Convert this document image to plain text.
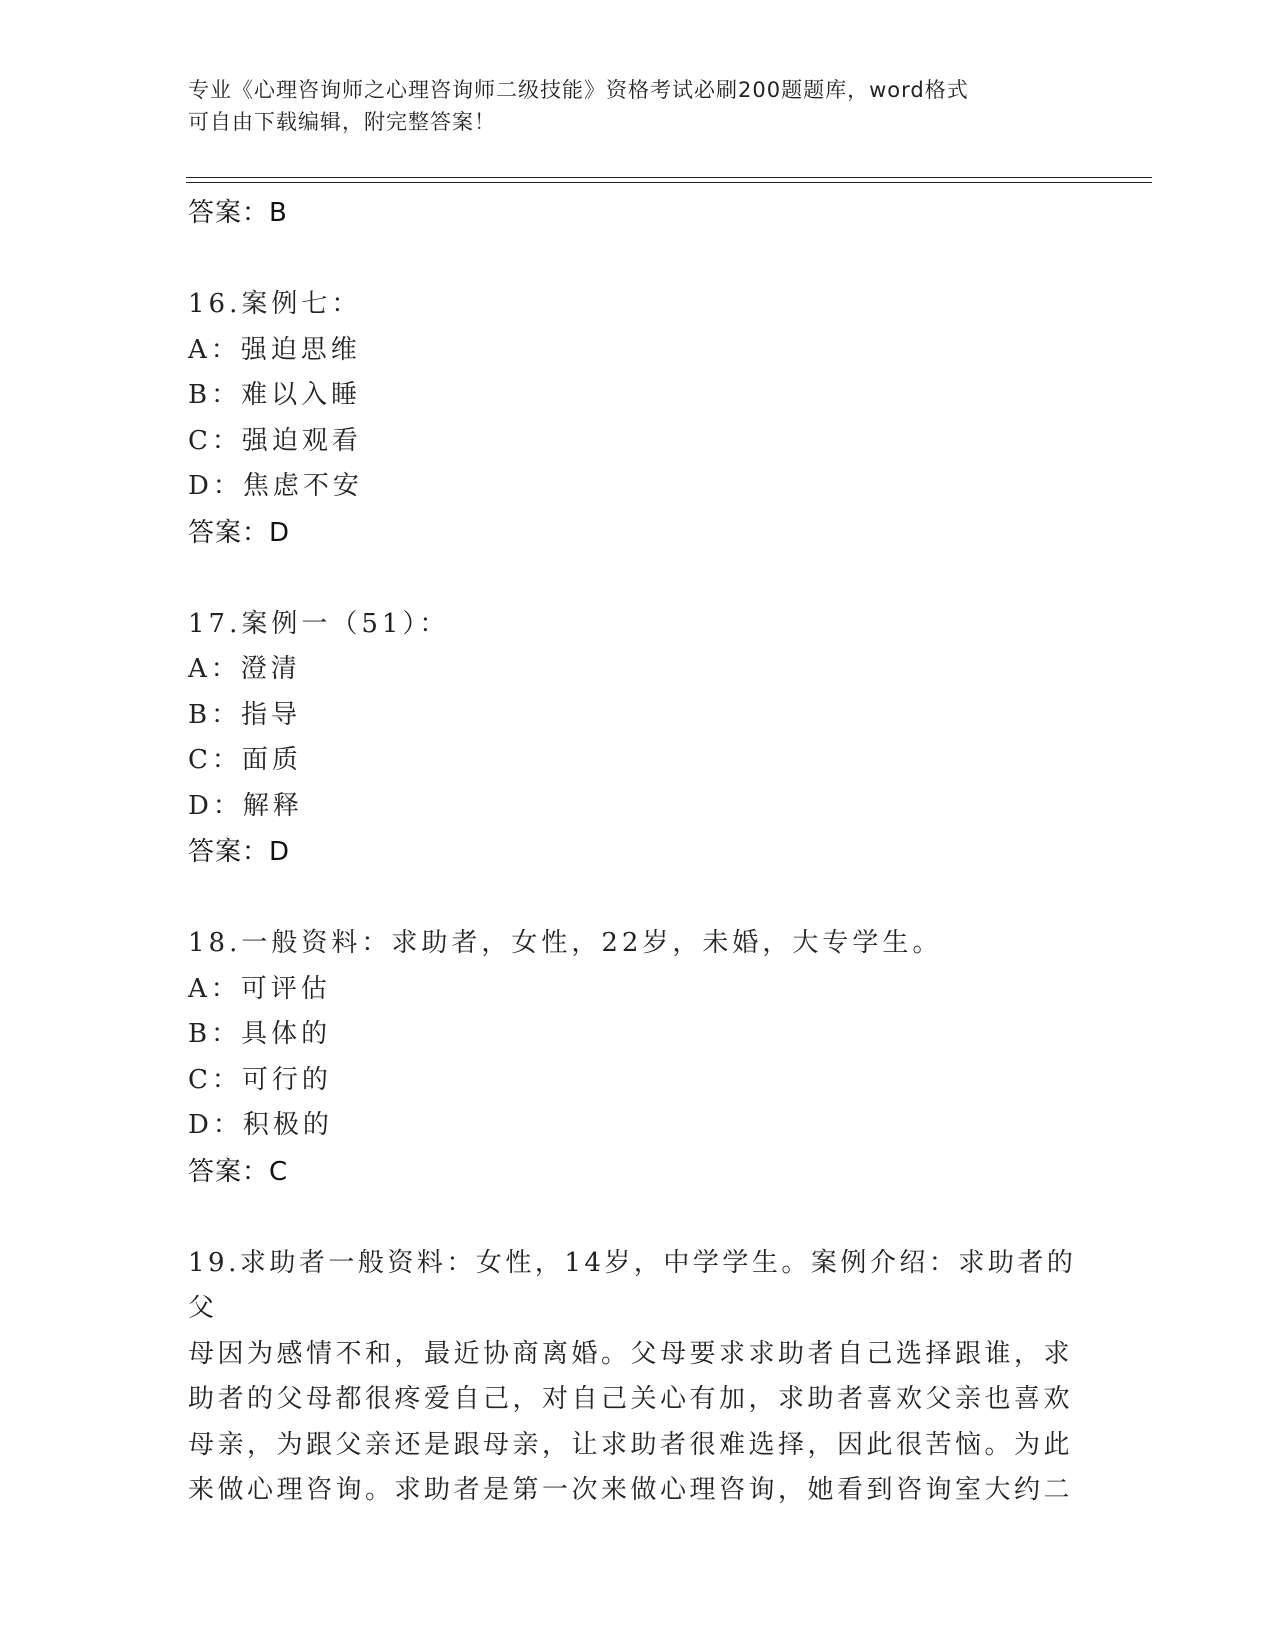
专业《心理咨询师之心理咨询师二级技能》资格考试必刷200题题库，word格式
可自由下载编辑，附完整答案！
答案：B
16.案例七：
A：强迫思维
B：难以入睡
C：强迫观看
D：焦虑不安
答案：D
17.案例一（51）：
A：澄清
B：指导
C：面质
D：解释
答案：D
18.一般资料：求助者，女性，22岁，未婚，大专学生。
A：可评估
B：具体的
C：可行的
D：积极的
答案：C
19.求助者一般资料：女性，14岁，中学学生。案例介绍：求助者的父
母因为感情不和，最近协商离婚。父母要求求助者自己选择跟谁，求
助者的父母都很疼爱自己，对自己关心有加，求助者喜欢父亲也喜欢
母亲，为跟父亲还是跟母亲，让求助者很难选择，因此很苦恼。为此
来做心理咨询。求助者是第一次来做心理咨询，她看到咨询室大约二
